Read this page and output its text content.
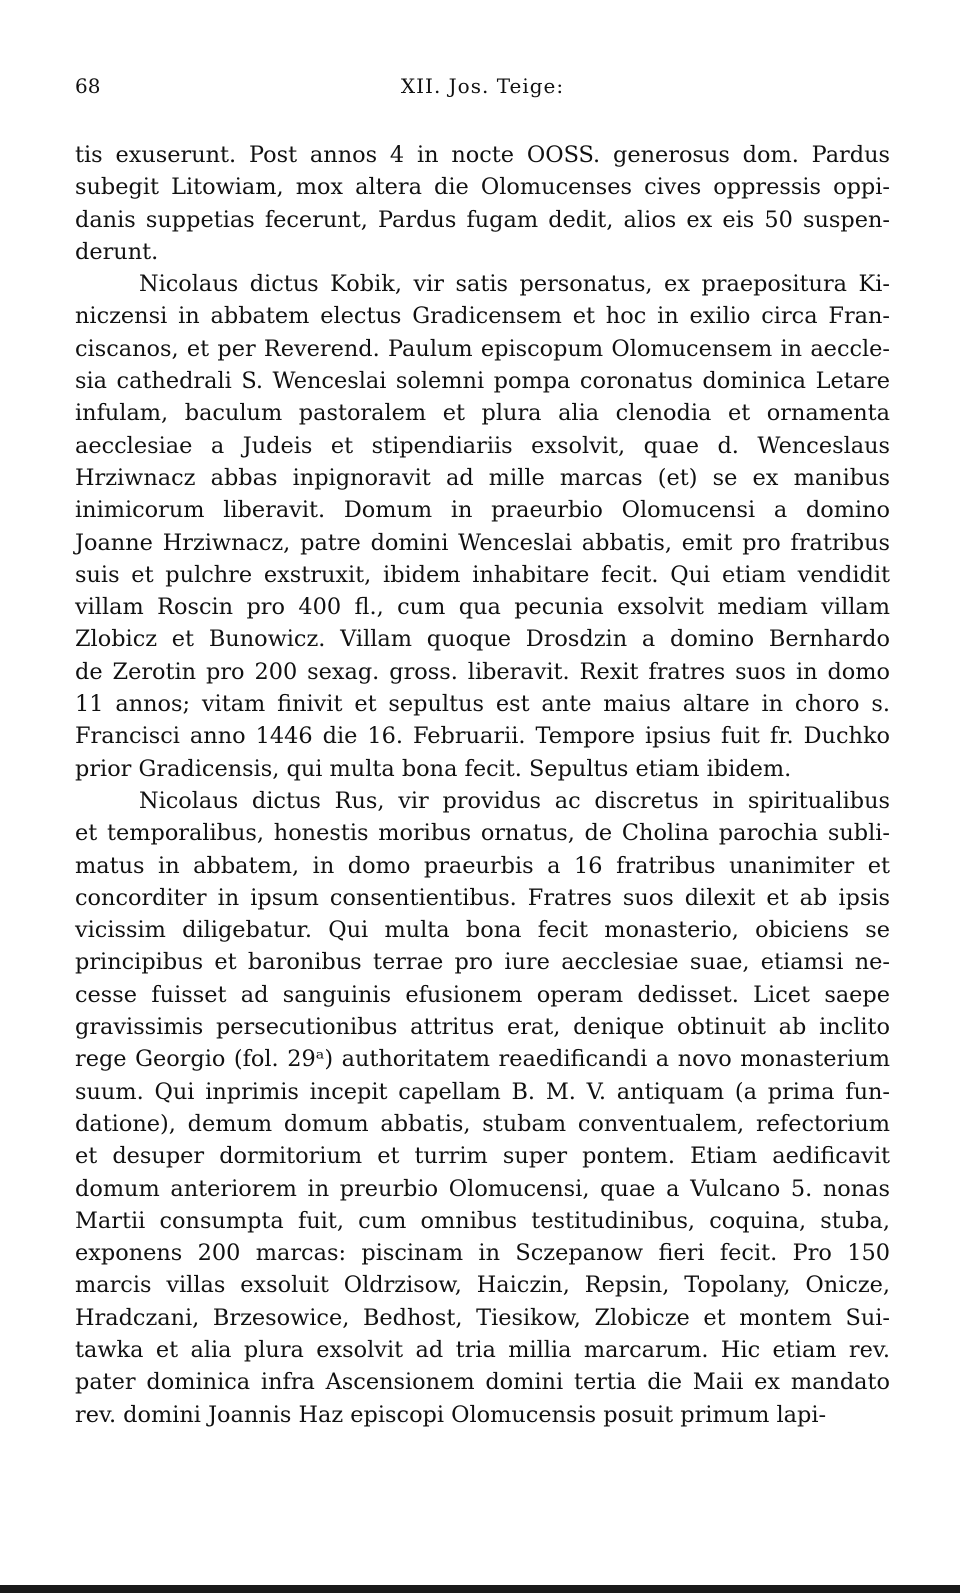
68	XII. Jos. Teige:
tis exuserunt. Post annos 4 in nocte OOSS. generosus dom. Pardus
subegit Litowiam, mox altera die Olomucenses cives oppressis oppi-
danis suppetias fecerunt, Pardus fugam dedit, alios ex eis 50 suspen-
derunt.
Nicolaus dictus Kobik, vir satis personatus, ex praepositura Ki-
niczensi in abbatem electus Gradicensem et hoc in exilio circa Fran-
ciscanos, et per Reverend. Paulum episcopum Olomucensem in aeccle-
sia cathedrali S. Wenceslai solemni pompa coronatus dominica Letare
infulam, baculum pastoralem et plura alia clenodia et ornamenta
aecclesiae a Judeis et stipendiariis exsolvit, quae d. Wenceslaus
Hrziwnacz abbas inpignoravit ad mille marcas (et) se ex manibus
inimicorum liberavit. Domum in praeurbio Olomucensi a domino
Joanne Hrziwnacz, patre domini Wenceslai abbatis, emit pro fratribus
suis et pulchre exstruxit, ibidem inhabitare fecit. Qui etiam vendidit
villam Roscin pro 400 fl., cum qua pecunia exsolvit mediam villam
Zlobicz et Bunowicz. Villam quoque Drosdzin a domino Bernhardo
de Zerotin pro 200 sexag. gross. liberavit. Rexit fratres suos in domo
11 annos; vitam finivit et sepultus est ante maius altare in choro s.
Francisci anno 1446 die 16. Februarii. Tempore ipsius fuit fr. Duchko
prior Gradicensis, qui multa bona fecit. Sepultus etiam ibidem.
Nicolaus dictus Rus, vir providus ac discretus in spiritualibus
et temporalibus, honestis moribus ornatus, de Cholina parochia subli-
matus in abbatem, in domo praeurbis a 16 fratribus unanimiter et
concorditer in ipsum consentientibus. Fratres suos dilexit et ab ipsis
vicissim diligebatur. Qui multa bona fecit monasterio, obiciens se
principibus et baronibus terrae pro iure aecclesiae suae, etiamsi ne-
cesse fuisset ad sanguinis efusionem operam dedisset. Licet saepe
gravissimis persecutionibus attritus erat, denique obtinuit ab inclito
rege Georgio (fol. 29ᵃ) authoritatem reaedificandi a novo monasterium
suum. Qui inprimis incepit capellam B. M. V. antiquam (a prima fun-
datione), demum domum abbatis, stubam conventualem, refectorium
et desuper dormitorium et turrim super pontem. Etiam aedificavit
domum anteriorem in preurbio Olomucensi, quae a Vulcano 5. nonas
Martii consumpta fuit, cum omnibus testitudinibus, coquina, stuba,
exponens 200 marcas: piscinam in Sczepanow fieri fecit. Pro 150
marcis villas exsoluit Oldrzisow, Haiczin, Repsin, Topolany, Onicze,
Hradczani, Brzesowice, Bedhost, Tiesikow, Zlobicze et montem Sui-
tawka et alia plura exsolvit ad tria millia marcarum. Hic etiam rev.
pater dominica infra Ascensionem domini tertia die Maii ex mandato
rev. domini Joannis Haz episcopi Olomucensis posuit primum lapi-
